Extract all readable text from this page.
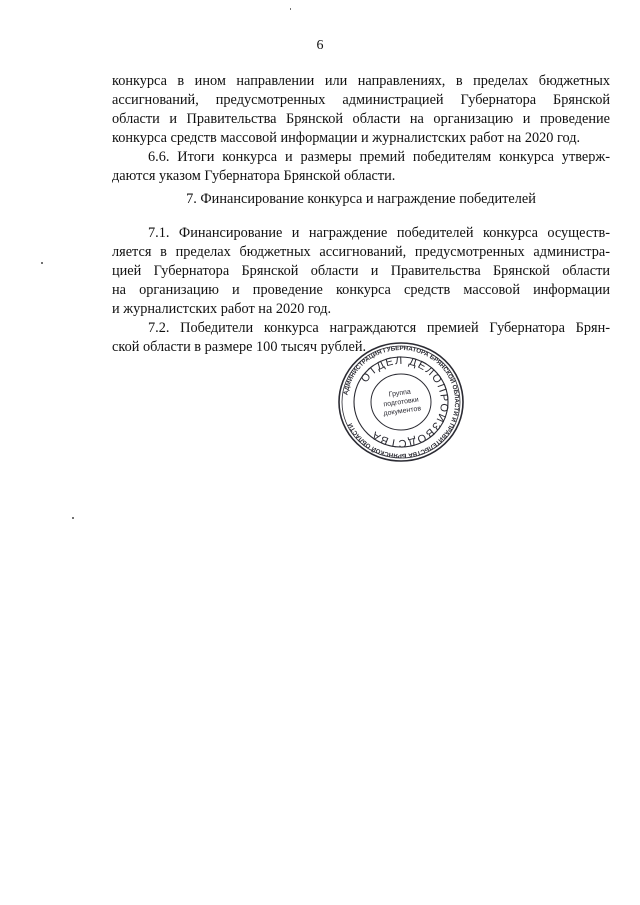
6

конкурса в ином направлении или направлениях, в пределах бюджетных

ассигнований, предусмотренных администрацией Губернатора Брянской

области и Правительства Брянской области на организацию и проведение

конкурса средств массовой информации и журналистских работ на 2020 год.

6.6. Итоги конкурса и размеры премий победителям конкурса утверж-

даются указом Губернатора Брянской области.

7. Финансирование конкурса и награждение победителей

7.1. Финансирование и награждение победителей конкурса осуществ-

ляется в пределах бюджетных ассигнований, предусмотренных администра-

цией Губернатора Брянской области и Правительства Брянской области

на организацию и проведение конкурса средств массовой информации

и журналистских работ на 2020 год.

7.2. Победители конкурса награждаются премией Губернатора Брян-

ской области в размере 100 тысяч рублей.

АДМИНИСТРАЦИЯ ГУБЕРНАТОРА БРЯНСКОЙ ОБЛАСТИ И ПРАВИТЕЛЬСТВА БРЯНСКОЙ ОБЛАСТИ
ОТДЕЛ ДЕЛОПРОИЗВОДСТВА
Группа
подготовки
документов
